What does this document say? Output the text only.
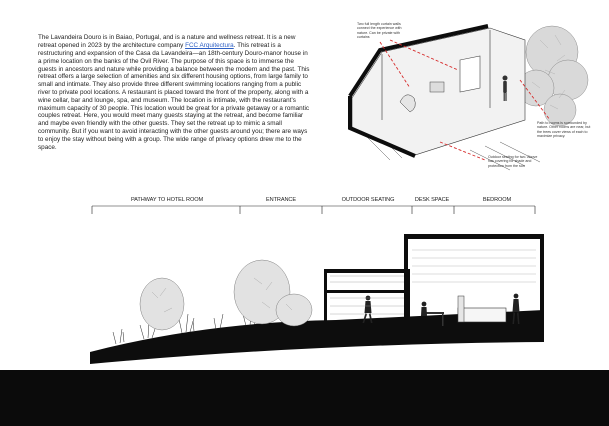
The Lavandeira Douro is in Baiao, Portugal, and is a nature and wellness retreat. It is a new retreat opened in 2023 by the architecture company FCC Arquitectura. This retreat is a restructuring and expansion of the Casa da Lavandeira—an 18th-century Douro-manor house in a prime location on the banks of the Ovil River. The purpose of this space is to immerse the guests in ancestors and nature while providing a balance between the modern and the past. This retreat offers a large selection of amenities and six different housing options, from large family to small and intimate. They also provide three different swimming locations ranging from a public river to private pool locations. A restaurant is placed toward the front of the property, along with a wine cellar, bar and lounge, spa, and museum. The location is intimate, with the restaurant’s maximum capacity of 30 people. This location would be great for a private getaway or a romantic couples retreat. Here, you would meet many guests staying at the retreat, and become familiar and maybe even friendly with the other guests. They set the retreat up to mimic a small community. But if you want to avoid interacting with the other guests around you; there are ways to enjoy the stay without being with a group. The wide range of privacy options drew me to the space.

Two full length curtain walls connect the experience with nature. Can be private with curtains
Path to rooms is surrounded by nature. Other rooms are near, but the trees cover views of each to maximize privacy.
Outdoor seating for two. Above has covering for shade and protection from the sun
PATHWAY TO HOTEL ROOM	ENTRANCE	OUTDOOR SEATING	DESK SPACE	BEDROOM
